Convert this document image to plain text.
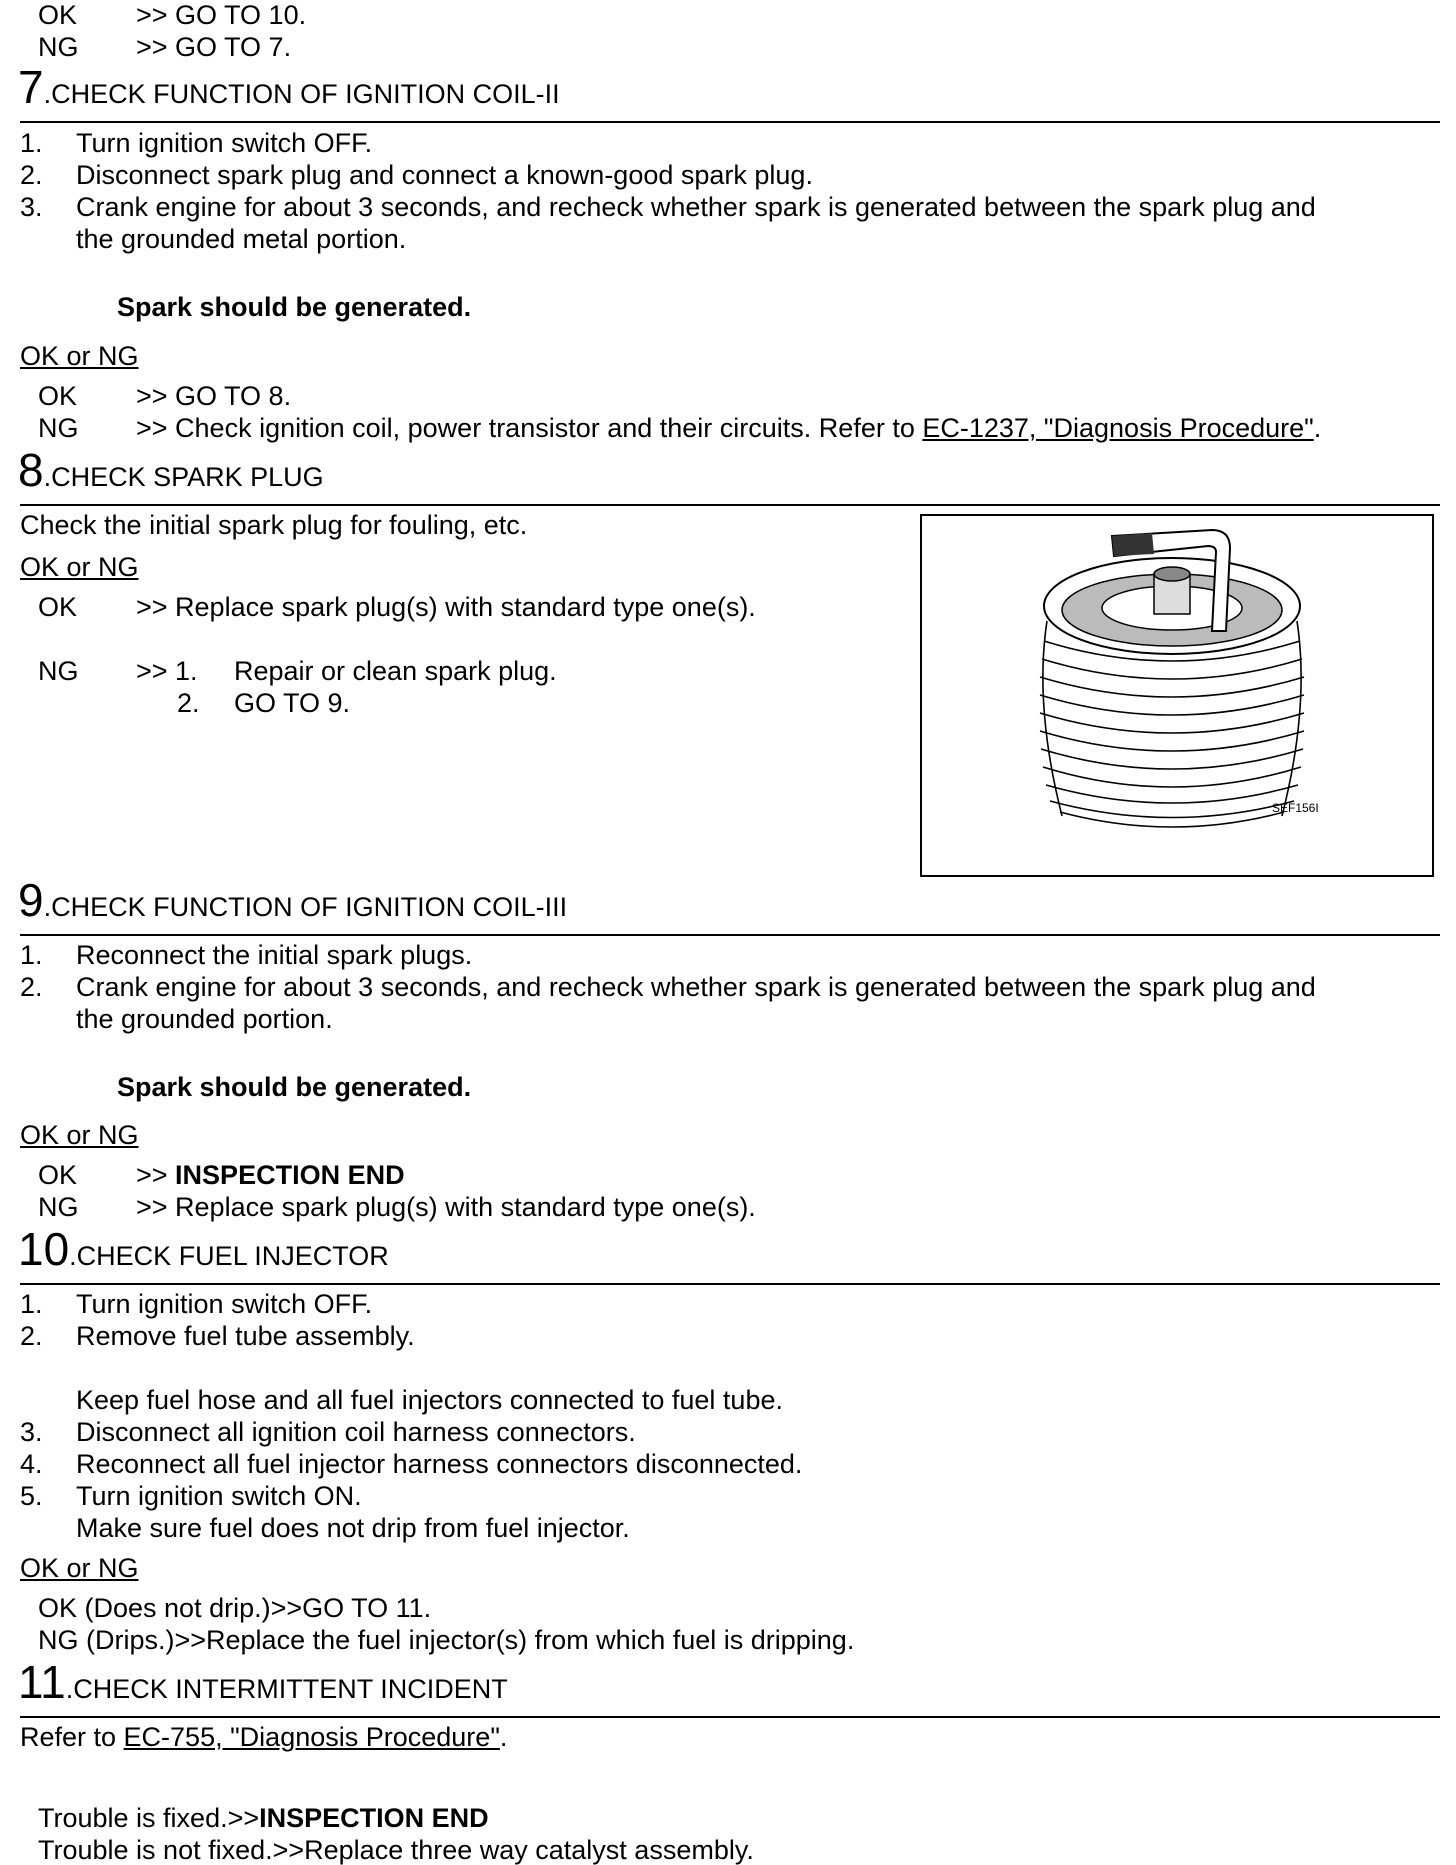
OK >> GO TO 10.
NG >> GO TO 7.
7.CHECK FUNCTION OF IGNITION COIL-II
1. Turn ignition switch OFF.
2. Disconnect spark plug and connect a known-good spark plug.
3. Crank engine for about 3 seconds, and recheck whether spark is generated between the spark plug and
the grounded metal portion.
Spark should be generated.
OK or NG
OK >> GO TO 8.
NG >> Check ignition coil, power transistor and their circuits. Refer to EC-1237, "Diagnosis Procedure".
8.CHECK SPARK PLUG
Check the initial spark plug for fouling, etc.
OK or NG
OK >> Replace spark plug(s) with standard type one(s).
NG >> 1. Repair or clean spark plug.
2. GO TO 9.
SEF156I
9.CHECK FUNCTION OF IGNITION COIL-III
1. Reconnect the initial spark plugs.
2. Crank engine for about 3 seconds, and recheck whether spark is generated between the spark plug and
the grounded portion.
Spark should be generated.
OK or NG
OK >> INSPECTION END
NG >> Replace spark plug(s) with standard type one(s).
10.CHECK FUEL INJECTOR
1. Turn ignition switch OFF.
2. Remove fuel tube assembly.
Keep fuel hose and all fuel injectors connected to fuel tube.
3. Disconnect all ignition coil harness connectors.
4. Reconnect all fuel injector harness connectors disconnected.
5. Turn ignition switch ON.
Make sure fuel does not drip from fuel injector.
OK or NG
OK (Does not drip.)>>GO TO 11.
NG (Drips.)>>Replace the fuel injector(s) from which fuel is dripping.
11.CHECK INTERMITTENT INCIDENT
Refer to EC-755, "Diagnosis Procedure".
Trouble is fixed.>>INSPECTION END
Trouble is not fixed.>>Replace three way catalyst assembly.
